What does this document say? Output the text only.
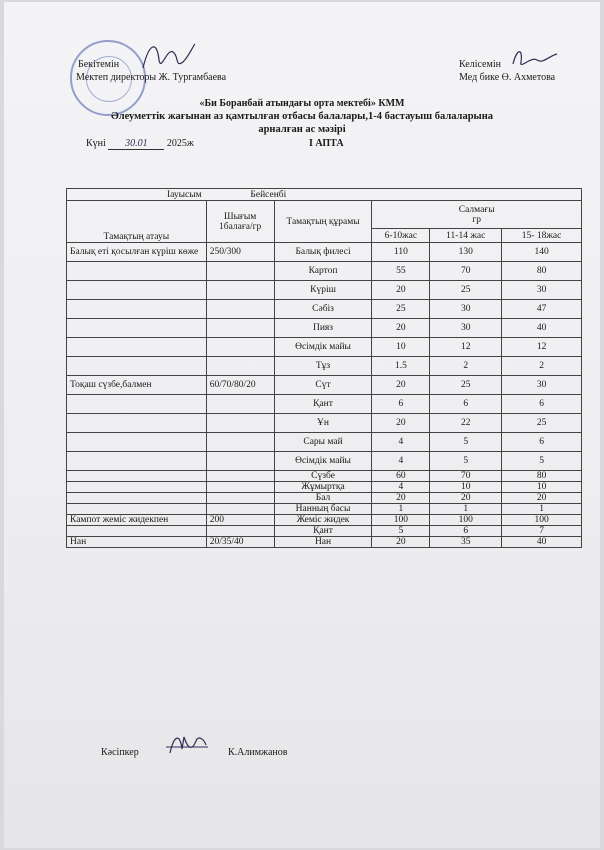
Бекітемін	Келісемін
Мектеп директоры Ж. Тургамбаева	Мед бике Ө. Ахметова
«Би Боранбай атындағы орта мектебі» КММ
Әлеуметтік жағынан аз қамтылған отбасы балалары,1-4 бастауыш балаларына
арналған ас мәзірі
Күні 30.01 2025ж	І АПТА
Іауысым Бейсенбі					
Тамақтың атауы	Шығым 1балаға/гр	Тамақтың құрамы	Салмағы
гр		

			6-10жас	11-14 жас	15- 18жас
Балық еті қосылған күріш көже	250/300	Балық филесі	110	130	140
		Картоп	55	70	80
		Күріш	20	25	30
		Сәбіз	25	30	47
		Пияз	20	30	40
		Өсімдік майы	10	12	12
		Тұз	1.5	2	2
Тоқаш сүзбе,балмен	60/70/80/20	Сүт	20	25	30
		Қант	6	6	6
		Ұн	20	22	25
		Сары май	4	5	6
		Өсімдік майы	4	5	5
		Сүзбе	60	70	80
		Жұмыртқа	4	10	10
		Бал	20	20	20
		Нанның басы	1	1	1
Кампот жеміс жидекпен	200	Жеміс жидек	100	100	100
		Қант	5	6	7
Нан	20/35/40	Нан	20	35	40
Кәсіпкер	К.Алимжанов
